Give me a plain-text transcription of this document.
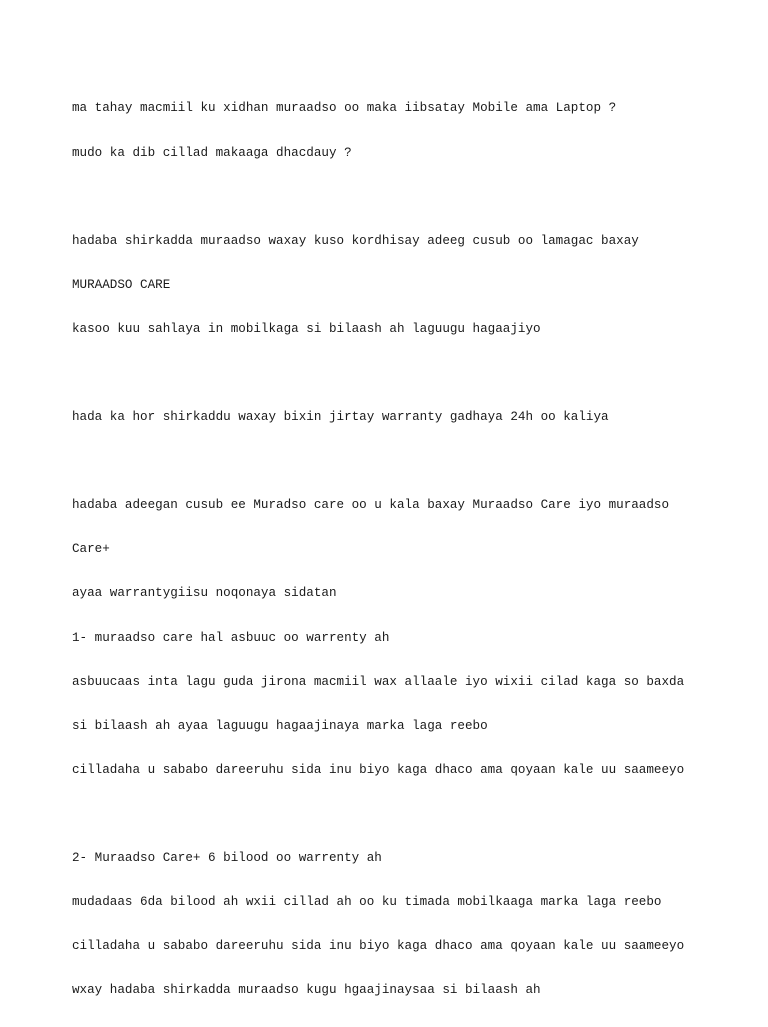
ma tahay macmiil ku xidhan muraadso oo maka iibsatay Mobile ama Laptop ?

mudo ka dib cillad makaaga dhacdauy ?

hadaba shirkadda muraadso waxay kuso kordhisay adeeg cusub oo lamagac baxay

MURAADSO CARE

kasoo kuu sahlaya in mobilkaga si bilaash ah laguugu hagaajiyo

hada ka hor shirkaddu waxay bixin jirtay warranty gadhaya 24h oo kaliya

hadaba adeegan cusub ee Muradso care oo u kala baxay Muraadso Care iyo muraadso

Care+

ayaa warrantygiisu noqonaya sidatan

1- muraadso care hal asbuuc oo warrenty ah

asbuucaas inta lagu guda jirona macmiil wax allaale iyo wixii cilad kaga so baxda

si bilaash ah ayaa laguugu hagaajinaya marka laga reebo

cilladaha u sababo dareeruhu sida inu biyo kaga dhaco ama qoyaan kale uu saameeyo

2- Muraadso Care+ 6 bilood oo warrenty ah

mudadaas 6da bilood ah wxii cillad ah oo ku timada mobilkaaga marka laga reebo

cilladaha u sababo dareeruhu sida inu biyo kaga dhaco ama qoyaan kale uu saameeyo

wxay hadaba shirkadda muraadso kugu hgaajinaysaa si bilaash ah
